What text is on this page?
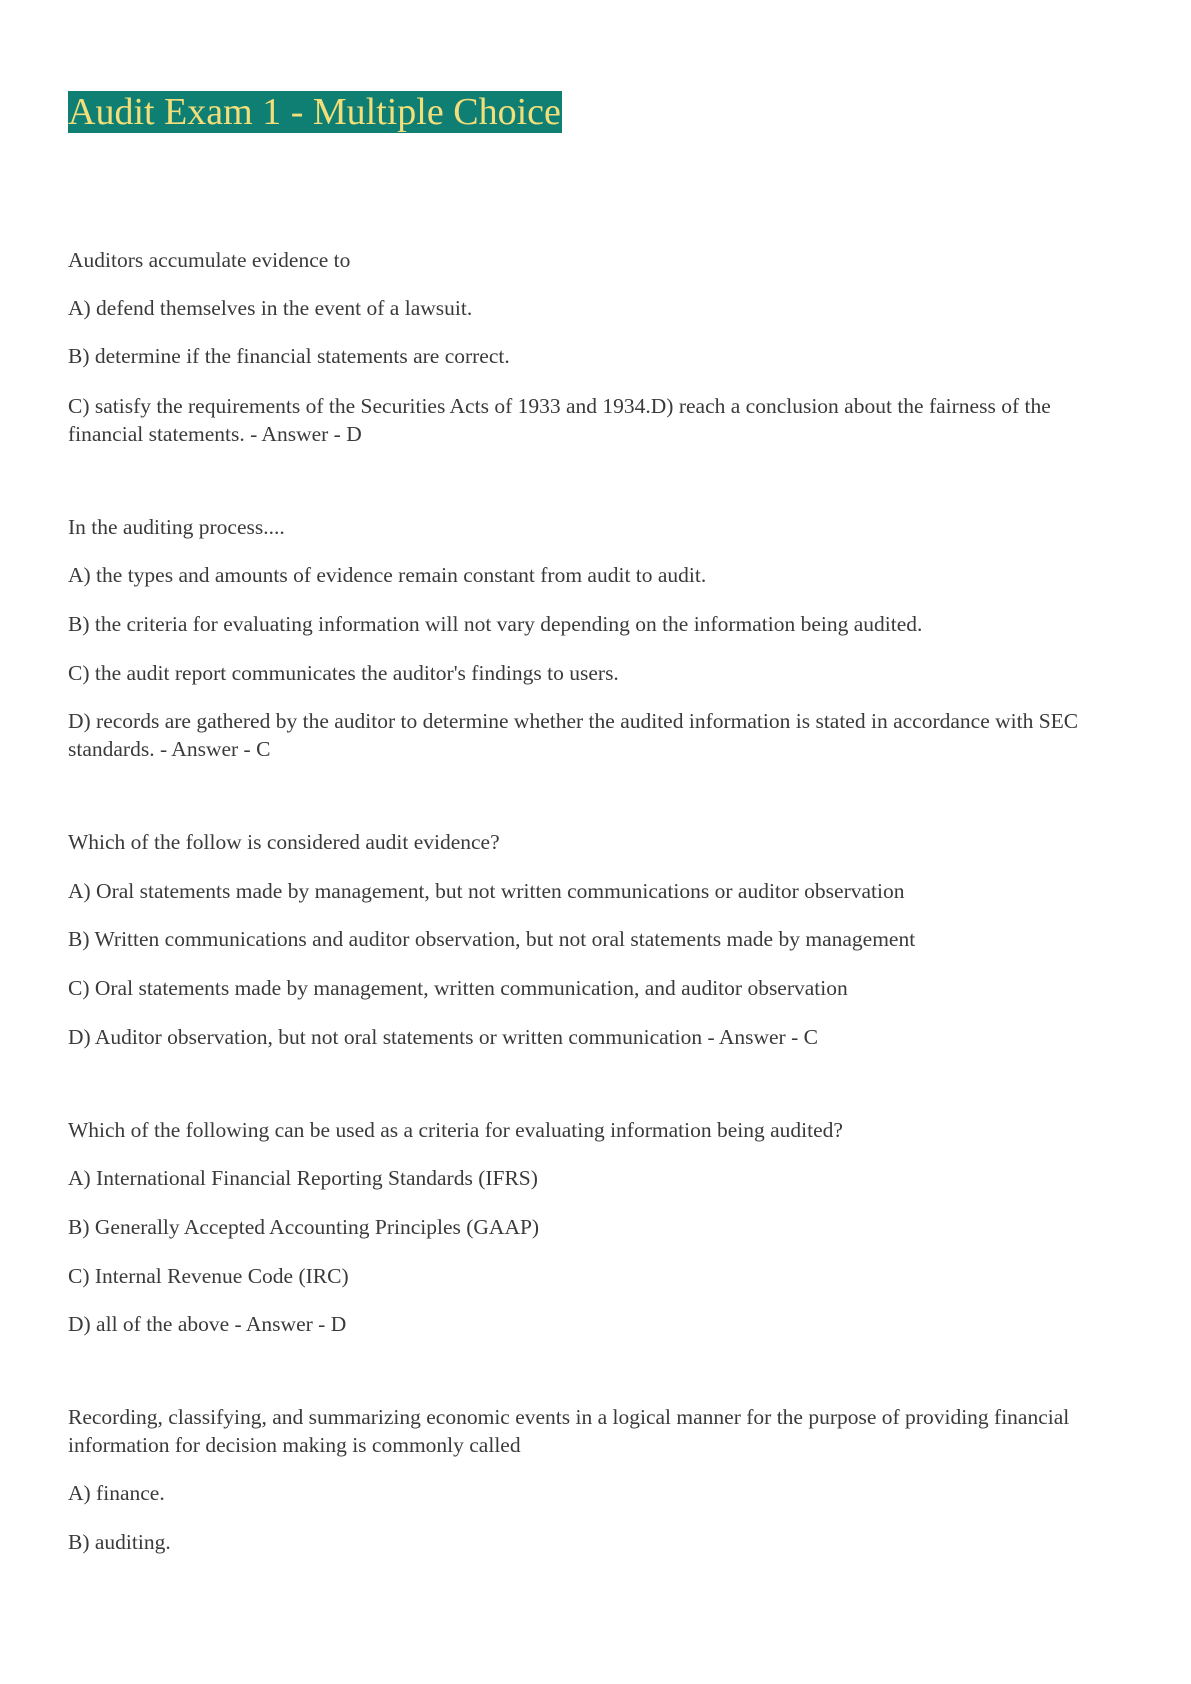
Audit Exam 1 - Multiple Choice

Auditors accumulate evidence to

A) defend themselves in the event of a lawsuit.

B) determine if the financial statements are correct.

C) satisfy the requirements of the Securities Acts of 1933 and 1934.D) reach a conclusion about the fairness of the financial statements. - Answer - D

In the auditing process....

A) the types and amounts of evidence remain constant from audit to audit.

B) the criteria for evaluating information will not vary depending on the information being audited.

C) the audit report communicates the auditor's findings to users.

D) records are gathered by the auditor to determine whether the audited information is stated in accordance with SEC standards. - Answer - C

Which of the follow is considered audit evidence?

A) Oral statements made by management, but not written communications or auditor observation

B) Written communications and auditor observation, but not oral statements made by management

C) Oral statements made by management, written communication, and auditor observation

D) Auditor observation, but not oral statements or written communication - Answer - C

Which of the following can be used as a criteria for evaluating information being audited?

A) International Financial Reporting Standards (IFRS)

B) Generally Accepted Accounting Principles (GAAP)

C) Internal Revenue Code (IRC)

D) all of the above - Answer - D

Recording, classifying, and summarizing economic events in a logical manner for the purpose of providing financial information for decision making is commonly called

A) finance.

B) auditing.
